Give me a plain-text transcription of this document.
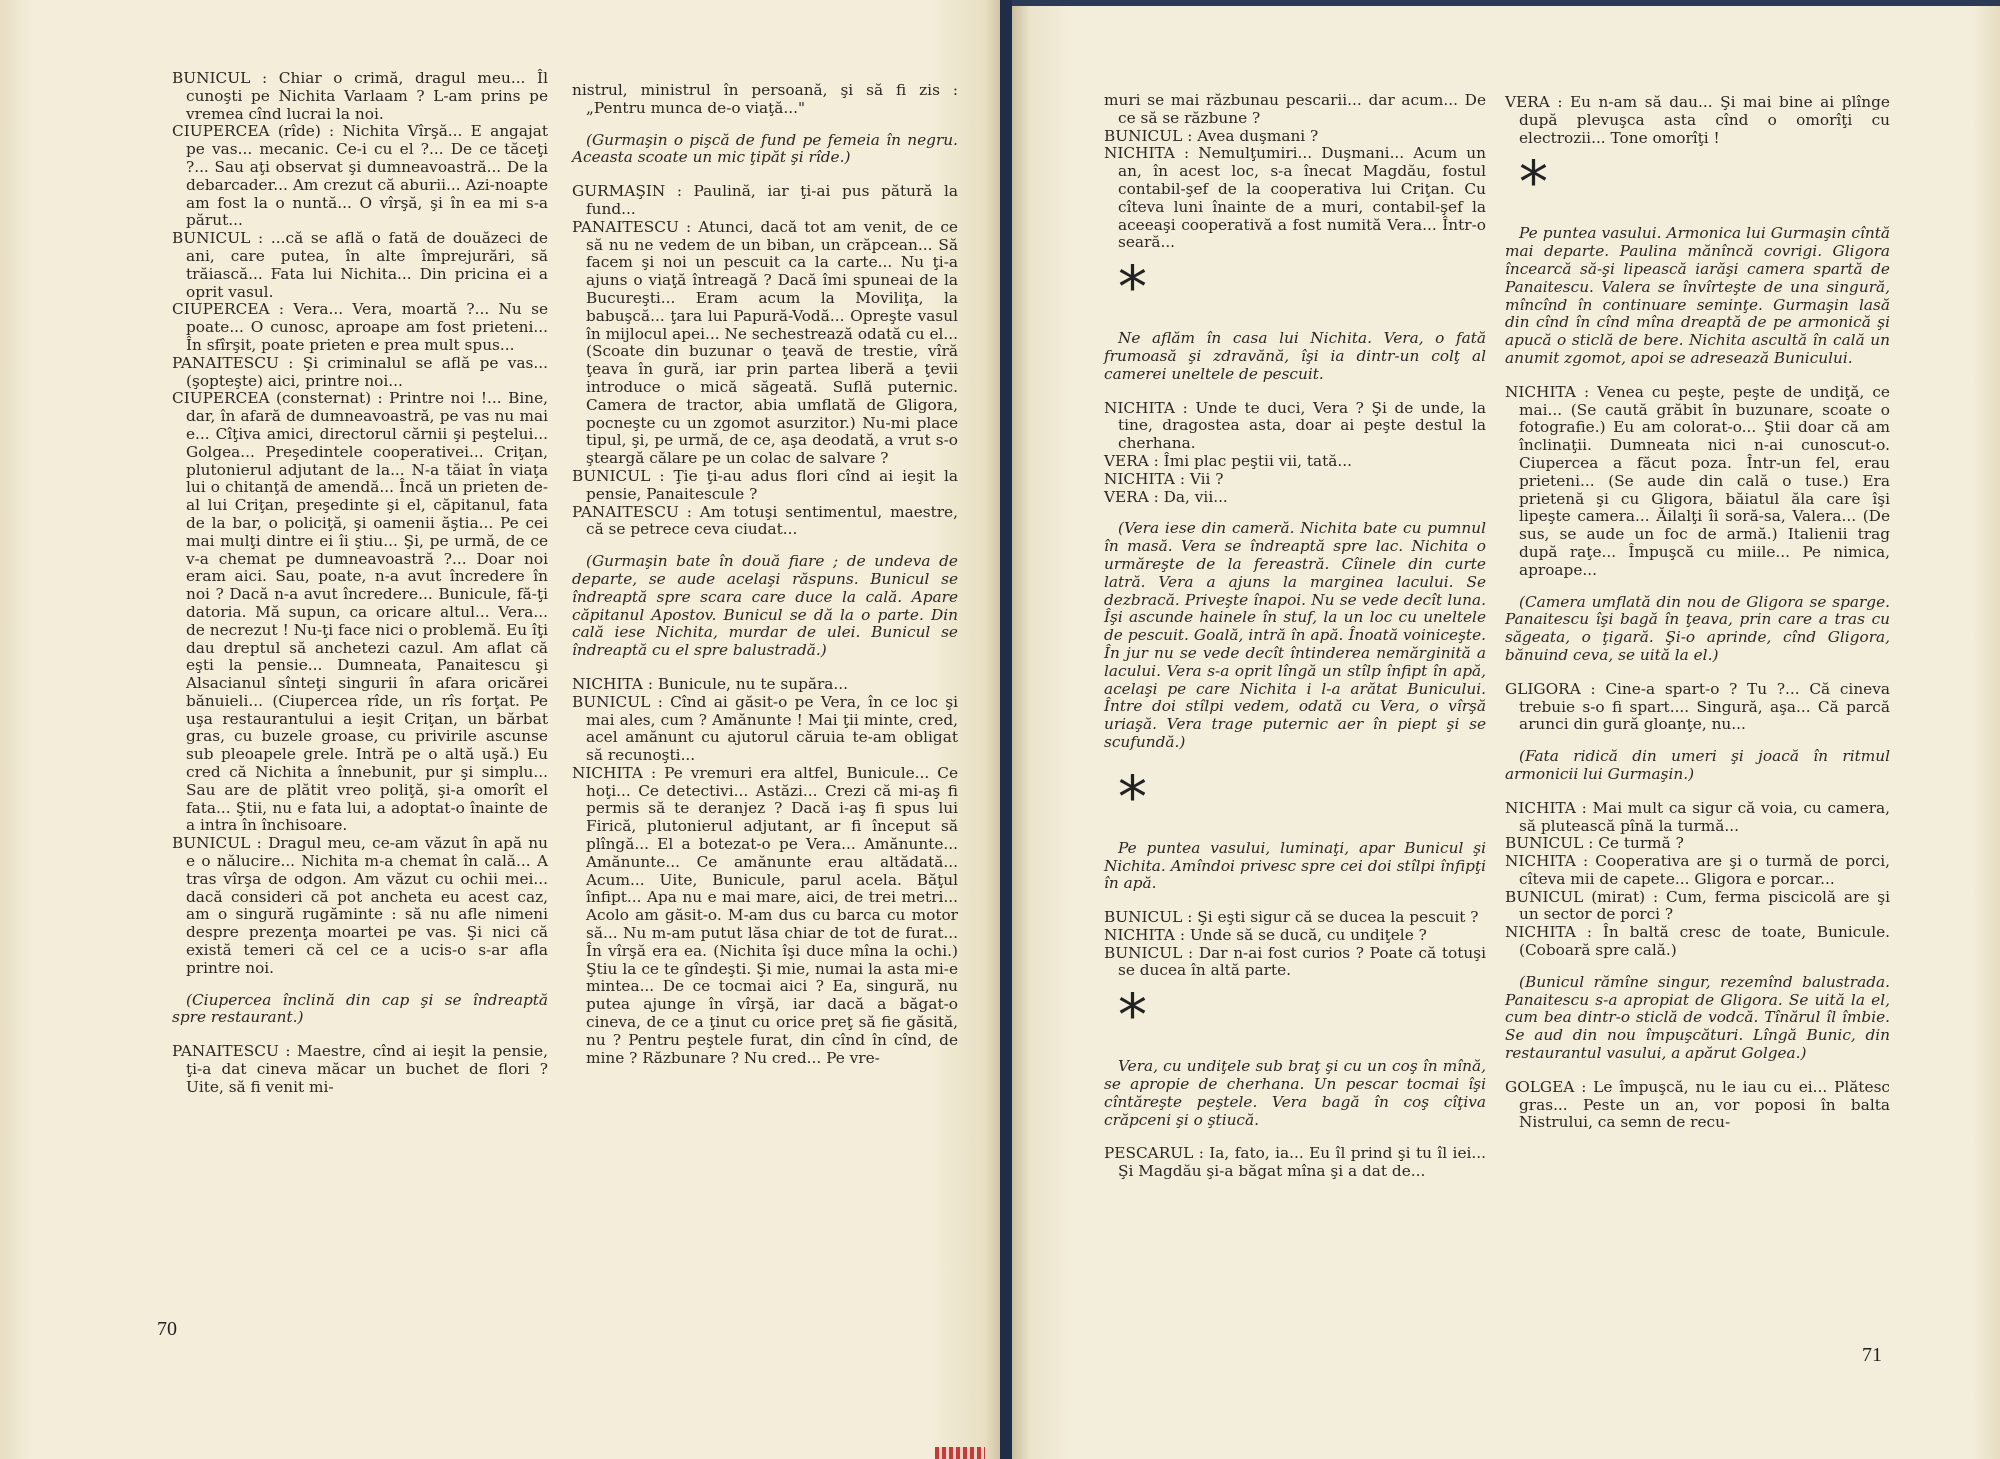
BUNICUL : Chiar o crimă, dragul meu... Îl cunoşti pe Nichita Varlaam ? L-am prins pe vremea cînd lucrai la noi.

CIUPERCEA (rîde) : Nichita Vîrşă... E angajat pe vas... mecanic. Ce-i cu el ?... De ce tăceţi ?... Sau aţi observat şi dumneavoastră... De la debarcader... Am crezut că aburii... Azi-noapte am fost la o nuntă... O vîrşă, şi în ea mi s-a părut...

BUNICUL : ...că se află o fată de douăzeci de ani, care putea, în alte împrejurări, să trăiască... Fata lui Nichita... Din pricina ei a oprit vasul.

CIUPERCEA : Vera... Vera, moartă ?... Nu se poate... O cunosc, aproape am fost prieteni... În sfîrşit, poate prieten e prea mult spus...

PANAITESCU : Şi criminalul se află pe vas... (şopteşte) aici, printre noi...

CIUPERCEA (consternat) : Printre noi !... Bine, dar, în afară de dumneavoastră, pe vas nu mai e... Cîţiva amici, directorul cărnii şi peştelui... Golgea... Preşedintele cooperativei... Criţan, plutonierul adjutant de la... N-a tăiat în viaţa lui o chitanţă de amendă... Încă un prieten de-al lui Criţan, preşedinte şi el, căpitanul, fata de la bar, o policiţă, şi oamenii ăştia... Pe cei mai mulţi dintre ei îi ştiu... Şi, pe urmă, de ce v-a chemat pe dumneavoastră ?... Doar noi eram aici. Sau, poate, n-a avut încredere în noi ? Dacă n-a avut încredere... Bunicule, fă-ţi datoria. Mă supun, ca oricare altul... Vera... de necrezut ! Nu-ţi face nici o problemă. Eu îţi dau dreptul să anchetezi cazul. Am aflat că eşti la pensie... Dumneata, Panaitescu şi Alsacianul sînteţi singurii în afara oricărei bănuieli... (Ciupercea rîde, un rîs forţat. Pe uşa restaurantului a ieşit Criţan, un bărbat gras, cu buzele groase, cu privirile ascunse sub pleoapele grele. Intră pe o altă uşă.) Eu cred că Nichita a înnebunit, pur şi simplu... Sau are de plătit vreo poliţă, şi-a omorît el fata... Ştii, nu e fata lui, a adoptat-o înainte de a intra în închisoare.

BUNICUL : Dragul meu, ce-am văzut în apă nu e o nălucire... Nichita m-a chemat în cală... A tras vîrşa de odgon. Am văzut cu ochii mei... dacă consideri că pot ancheta eu acest caz, am o singură rugăminte : să nu afle nimeni despre prezenţa moartei pe vas. Şi nici că există temeri că cel ce a ucis-o s-ar afla printre noi.

(Ciupercea înclină din cap şi se îndreaptă spre restaurant.)

PANAITESCU : Maestre, cînd ai ieşit la pensie, ţi-a dat cineva măcar un buchet de flori ? Uite, să fi venit mi-

nistrul, ministrul în persoană, şi să fi zis : „Pentru munca de-o viaţă..."

(Gurmaşin o pişcă de fund pe femeia în negru. Aceasta scoate un mic ţipăt şi rîde.)

GURMAŞIN : Paulină, iar ţi-ai pus pătură la fund...

PANAITESCU : Atunci, dacă tot am venit, de ce să nu ne vedem de un biban, un crăpcean... Să facem şi noi un pescuit ca la carte... Nu ţi-a ajuns o viaţă întreagă ? Dacă îmi spuneai de la Bucureşti... Eram acum la Moviliţa, la babuşcă... ţara lui Papură-Vodă... Opreşte vasul în mijlocul apei... Ne sechestrează odată cu el... (Scoate din buzunar o ţeavă de trestie, vîră ţeava în gură, iar prin partea liberă a ţevii introduce o mică săgeată. Suflă puternic. Camera de tractor, abia umflată de Gligora, pocneşte cu un zgomot asurzitor.) Nu-mi place tipul, şi, pe urmă, de ce, aşa deodată, a vrut s-o şteargă călare pe un colac de salvare ?

BUNICUL : Ţie ţi-au adus flori cînd ai ieşit la pensie, Panaitescule ?

PANAITESCU : Am totuşi sentimentul, maestre, că se petrece ceva ciudat...

(Gurmaşin bate în două fiare ; de undeva de departe, se aude acelaşi răspuns. Bunicul se îndreaptă spre scara care duce la cală. Apare căpitanul Apostov. Bunicul se dă la o parte. Din cală iese Nichita, murdar de ulei. Bunicul se îndreaptă cu el spre balustradă.)

NICHITA : Bunicule, nu te supăra...

BUNICUL : Cînd ai găsit-o pe Vera, în ce loc şi mai ales, cum ? Amănunte ! Mai ţii minte, cred, acel amănunt cu ajutorul căruia te-am obligat să recunoşti...

NICHITA : Pe vremuri era altfel, Bunicule... Ce hoţi... Ce detectivi... Astăzi... Crezi că mi-aş fi permis să te deranjez ? Dacă i-aş fi spus lui Firică, plutonierul adjutant, ar fi început să plîngă... El a botezat-o pe Vera... Amănunte... Amănunte... Ce amănunte erau altădată... Acum... Uite, Bunicule, parul acela. Băţul înfipt... Apa nu e mai mare, aici, de trei metri... Acolo am găsit-o. M-am dus cu barca cu motor să... Nu m-am putut lăsa chiar de tot de furat... În vîrşă era ea. (Nichita îşi duce mîna la ochi.) Ştiu la ce te gîndeşti. Şi mie, numai la asta mi-e mintea... De ce tocmai aici ? Ea, singură, nu putea ajunge în vîrşă, iar dacă a băgat-o cineva, de ce a ţinut cu orice preţ să fie găsită, nu ? Pentru peştele furat, din cînd în cînd, de mine ? Răzbunare ? Nu cred... Pe vre-

70

muri se mai răzbunau pescarii... dar acum... De ce să se răzbune ?

BUNICUL : Avea duşmani ?

NICHITA : Nemulţumiri... Duşmani... Acum un an, în acest loc, s-a înecat Magdău, fostul contabil-şef de la cooperativa lui Criţan. Cu cîteva luni înainte de a muri, contabil-şef la aceeaşi cooperativă a fost numită Vera... Într-o seară...

*

Ne aflăm în casa lui Nichita. Vera, o fată frumoasă şi zdravănă, îşi ia dintr-un colţ al camerei uneltele de pescuit.

NICHITA : Unde te duci, Vera ? Şi de unde, la tine, dragostea asta, doar ai peşte destul la cherhana.

VERA : Îmi plac peştii vii, tată...

NICHITA : Vii ?

VERA : Da, vii...

(Vera iese din cameră. Nichita bate cu pumnul în masă. Vera se îndreaptă spre lac. Nichita o urmăreşte de la fereastră. Cîinele din curte latră. Vera a ajuns la marginea lacului. Se dezbracă. Priveşte înapoi. Nu se vede decît luna. Îşi ascunde hainele în stuf, la un loc cu uneltele de pescuit. Goală, intră în apă. Înoată voiniceşte. În jur nu se vede decît întinderea nemărginită a lacului. Vera s-a oprit lîngă un stîlp înfipt în apă, acelaşi pe care Nichita i l-a arătat Bunicului. Între doi stîlpi vedem, odată cu Vera, o vîrşă uriaşă. Vera trage puternic aer în piept şi se scufundă.)

*

Pe puntea vasului, luminaţi, apar Bunicul şi Nichita. Amîndoi privesc spre cei doi stîlpi înfipţi în apă.

BUNICUL : Şi eşti sigur că se ducea la pescuit ?

NICHITA : Unde să se ducă, cu undiţele ?

BUNICUL : Dar n-ai fost curios ? Poate că totuşi se ducea în altă parte.

*

Vera, cu undiţele sub braţ şi cu un coş în mînă, se apropie de cherhana. Un pescar tocmai îşi cîntăreşte peştele. Vera bagă în coş cîţiva crăpceni şi o ştiucă.

PESCARUL : Ia, fato, ia... Eu îl prind şi tu îl iei... Şi Magdău şi-a băgat mîna şi a dat de...

VERA : Eu n-am să dau... Şi mai bine ai plînge după plevuşca asta cînd o omorîţi cu electrozii... Tone omorîţi !

*

Pe puntea vasului. Armonica lui Gurmaşin cîntă mai departe. Paulina mănîncă covrigi. Gligora încearcă să-şi lipească iarăşi camera spartă de Panaitescu. Valera se învîrteşte de una singură, mîncînd în continuare seminţe. Gurmaşin lasă din cînd în cînd mîna dreaptă de pe armonică şi apucă o sticlă de bere. Nichita ascultă în cală un anumit zgomot, apoi se adresează Bunicului.

NICHITA : Venea cu peşte, peşte de undiţă, ce mai... (Se caută grăbit în buzunare, scoate o fotografie.) Eu am colorat-o... Ştii doar că am înclinaţii. Dumneata nici n-ai cunoscut-o. Ciupercea a făcut poza. Într-un fel, erau prieteni... (Se aude din cală o tuse.) Era prietenă şi cu Gligora, băiatul ăla care îşi lipeşte camera... Ăilalţi îi soră-sa, Valera... (De sus, se aude un foc de armă.) Italienii trag după raţe... Împuşcă cu miile... Pe nimica, aproape...

(Camera umflată din nou de Gligora se sparge. Panaitescu îşi bagă în ţeava, prin care a tras cu săgeata, o ţigară. Şi-o aprinde, cînd Gligora, bănuind ceva, se uită la el.)

GLIGORA : Cine-a spart-o ? Tu ?... Că cineva trebuie s-o fi spart.... Singură, aşa... Că parcă arunci din gură gloanţe, nu...

(Fata ridică din umeri şi joacă în ritmul armonicii lui Gurmaşin.)

NICHITA : Mai mult ca sigur că voia, cu camera, să plutească pînă la turmă...

BUNICUL : Ce turmă ?

NICHITA : Cooperativa are şi o turmă de porci, cîteva mii de capete... Gligora e porcar...

BUNICUL (mirat) : Cum, ferma piscicolă are şi un sector de porci ?

NICHITA : În baltă cresc de toate, Bunicule. (Coboară spre cală.)

(Bunicul rămîne singur, rezemînd balustrada. Panaitescu s-a apropiat de Gligora. Se uită la el, cum bea dintr-o sticlă de vodcă. Tînărul îl îmbie. Se aud din nou împuşcături. Lîngă Bunic, din restaurantul vasului, a apărut Golgea.)

GOLGEA : Le împuşcă, nu le iau cu ei... Plătesc gras... Peste un an, vor poposi în balta Nistrului, ca semn de recu-

71
